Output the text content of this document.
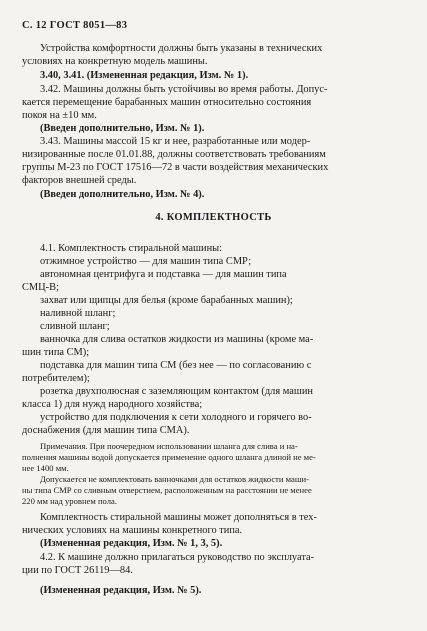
С. 12 ГОСТ 8051—83
Устройства комфортности должны быть указаны в технических
условиях на конкретную модель машины.
3.40, 3.41. (Измененная редакция, Изм. № 1).
3.42. Машины должны быть устойчивы во время работы. Допус-
кается перемещение барабанных машин относительно состояния
покоя на ±10 мм.
(Введен дополнительно, Изм. № 1).
3.43. Машины массой 15 кг и нее, разработанные или модер-
низированные после 01.01.88, должны соответствовать требованиям
группы М-23 по ГОСТ 17516—72 в части воздействия механических
факторов внешней среды.
(Введен дополнительно, Изм. № 4).
4. КОМПЛЕКТНОСТЬ
4.1. Комплектность стиральной машины:
отжимное устройство — для машин типа СМР;
автономная центрифуга и подставка — для машин типа
СМЦ-В;
захват или щипцы для белья (кроме барабанных машин);
наливной шланг;
сливной шланг;
ванночка для слива остатков жидкости из машины (кроме ма-
шин типа СМ);
подставка для машин типа СМ (без нее — по согласованию с
потребителем);
розетка двухполюсная с заземляющим контактом (для машин
класса 1) для нужд народного хозяйства;
устройство для подключения к сети холодного и горячего во-
доснабжения (для машин типа СМА).
Примечания. При поочередном использовании шланга для слива и на-
полнения машины водой допускается применение одного шланга длиной не ме-
нее 1400 мм.
Допускается не комплектовать ванночками для остатков жидкости маши-
ны типа СМР со сливным отверстием, расположенным на расстоянии не менее
220 мм над уровнем пола.
Комплектность стиральной машины может дополняться в тех-
нических условиях на машины конкретного типа.
(Измененная редакция, Изм. № 1, 3, 5).
4.2. К машине должно прилагаться руководство по эксплуата-
ции по ГОСТ 26119—84.
(Измененная редакция, Изм. № 5).
